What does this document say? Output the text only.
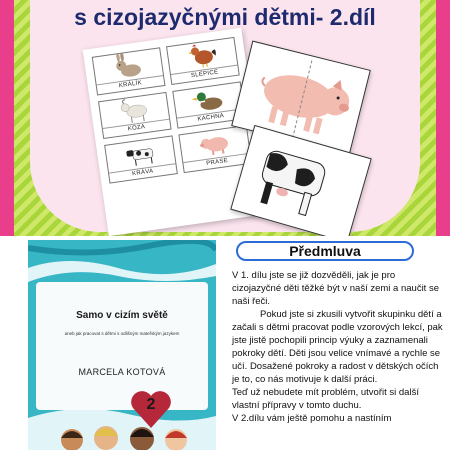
s cizojazyčnými dětmi- 2.díl
KRÁLÍK
SLEPICE
KOZA
KACHNA
KRÁVA
PRASE
Samo v cizím světě
aneb jak pracovat s dětmi s odlišným mateřským jazykem
MARCELA KOTOVÁ
2
Předmluva

V 1. dílu jste se již dozvěděli, jak je pro cizojazyčné děti těžké být v naší zemi a naučit se naši řeči.

Pokud jste si zkusili vytvořit skupinku dětí a začali s dětmi pracovat podle vzorových lekcí, pak jste jistě pochopili princip výuky a zaznamenali pokroky dětí. Děti jsou velice vnímavé a rychle se učí. Dosažené pokroky a radost v dětských očích je to, co nás motivuje k další práci.

Teď už nebudete mít problém, utvořit si další vlastní přípravy v tomto duchu.

V 2.dílu vám ještě pomohu a nastíním
